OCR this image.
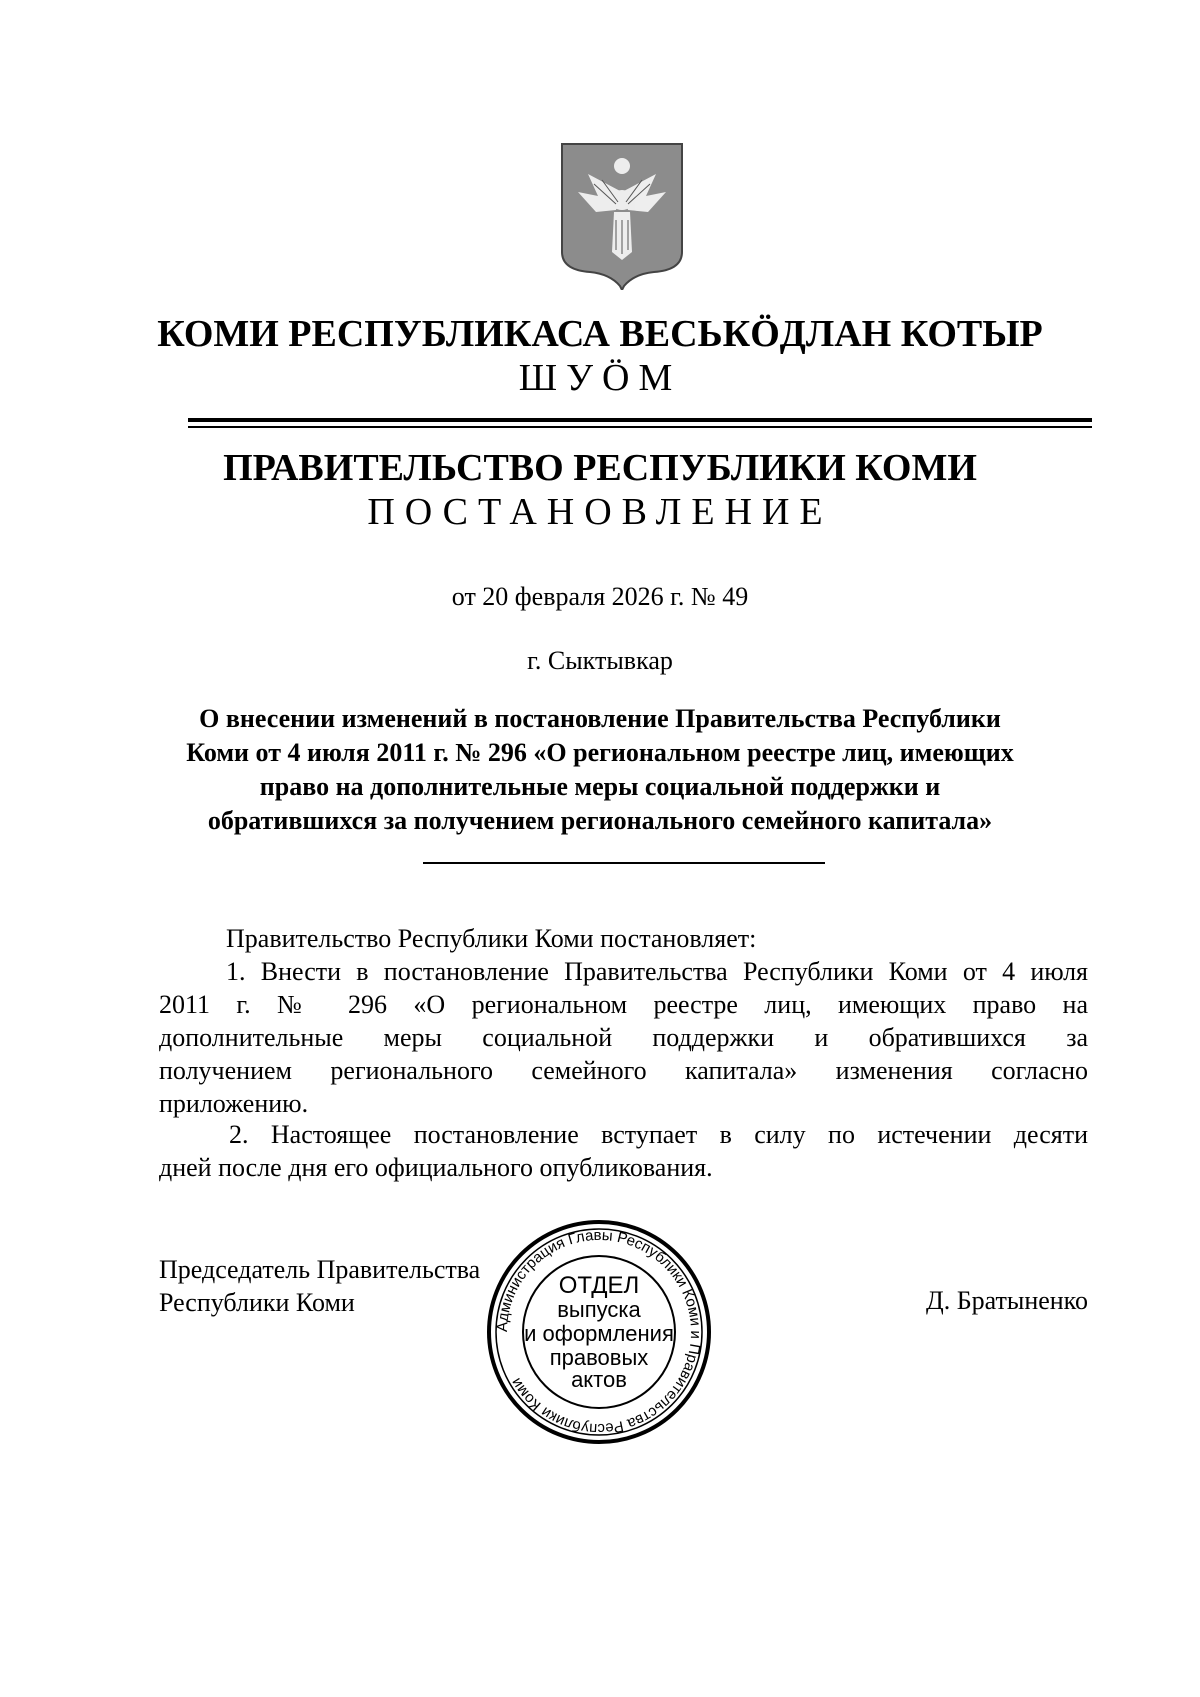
КОМИ РЕСПУБЛИКАСА ВЕСЬКӦДЛАН КОТЫР
ШУӦМ
ПРАВИТЕЛЬСТВО РЕСПУБЛИКИ КОМИ
ПОСТАНОВЛЕНИЕ
от 20 февраля 2026 г. № 49
г. Сыктывкар
О внесении изменений в постановление Правительства Республики
Коми от 4 июля 2011 г. № 296 «О региональном реестре лиц, имеющих
право на дополнительные меры социальной поддержки и
обратившихся за получением регионального семейного капитала»
Правительство Республики Коми постановляет:
1. Внести в постановление Правительства Республики Коми от 4 июля
2011 г. № 296 «О региональном реестре лиц, имеющих право на
дополнительные меры социальной поддержки и обратившихся за
получением регионального семейного капитала» изменения согласно
приложению.
2. Настоящее постановление вступает в силу по истечении десяти
дней после дня его официального опубликования.
Председатель Правительства
Республики Коми	Д. Братыненко
Администрация Главы Республики Коми и Правительства Республики Коми
ОТДЕЛ
выпуска
и оформления
правовых
актов
